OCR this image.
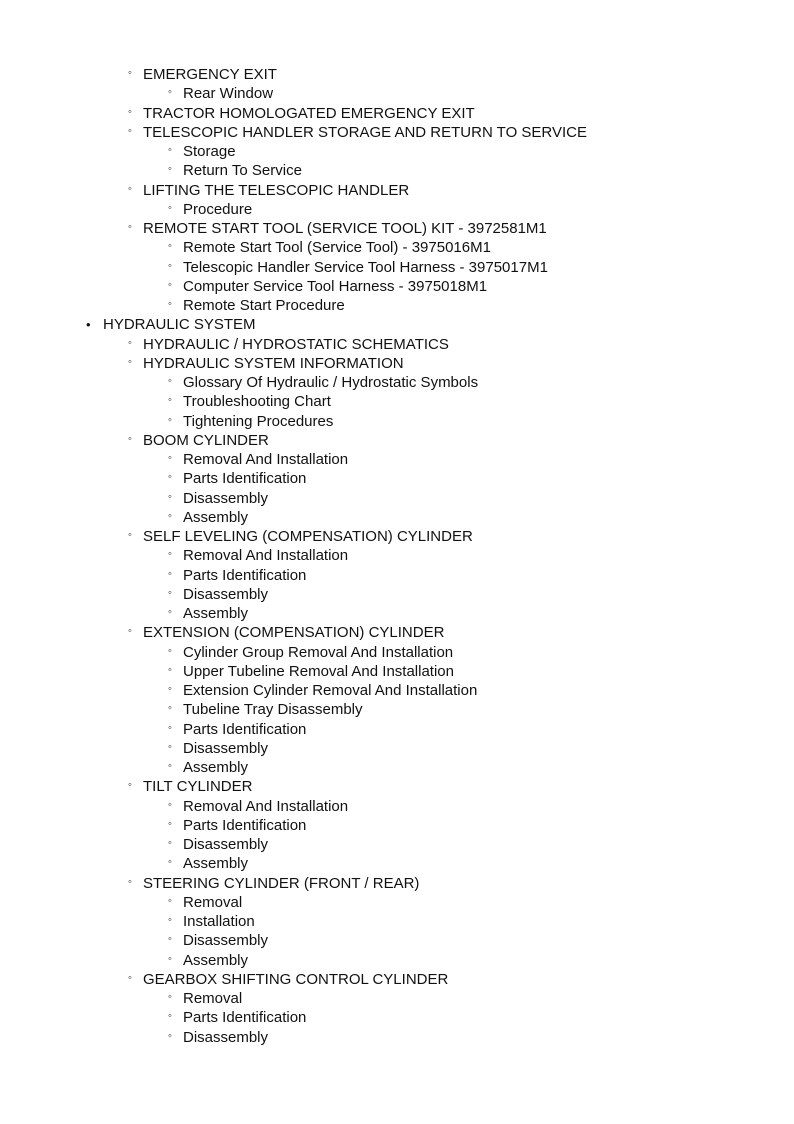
◦ EMERGENCY EXIT
◦ Rear Window
◦ TRACTOR HOMOLOGATED EMERGENCY EXIT
◦ TELESCOPIC HANDLER STORAGE AND RETURN TO SERVICE
◦ Storage
◦ Return To Service
◦ LIFTING THE TELESCOPIC HANDLER
◦ Procedure
◦ REMOTE START TOOL (SERVICE TOOL) KIT - 3972581M1
◦ Remote Start Tool (Service Tool) - 3975016M1
◦ Telescopic Handler Service Tool Harness - 3975017M1
◦ Computer Service Tool Harness - 3975018M1
◦ Remote Start Procedure
• HYDRAULIC SYSTEM
◦ HYDRAULIC / HYDROSTATIC SCHEMATICS
◦ HYDRAULIC SYSTEM INFORMATION
◦ Glossary Of Hydraulic / Hydrostatic Symbols
◦ Troubleshooting Chart
◦ Tightening Procedures
◦ BOOM CYLINDER
◦ Removal And Installation
◦ Parts Identification
◦ Disassembly
◦ Assembly
◦ SELF LEVELING (COMPENSATION) CYLINDER
◦ Removal And Installation
◦ Parts Identification
◦ Disassembly
◦ Assembly
◦ EXTENSION (COMPENSATION) CYLINDER
◦ Cylinder Group Removal And Installation
◦ Upper Tubeline Removal And Installation
◦ Extension Cylinder Removal And Installation
◦ Tubeline Tray Disassembly
◦ Parts Identification
◦ Disassembly
◦ Assembly
◦ TILT CYLINDER
◦ Removal And Installation
◦ Parts Identification
◦ Disassembly
◦ Assembly
◦ STEERING CYLINDER (FRONT / REAR)
◦ Removal
◦ Installation
◦ Disassembly
◦ Assembly
◦ GEARBOX SHIFTING CONTROL CYLINDER
◦ Removal
◦ Parts Identification
◦ Disassembly
